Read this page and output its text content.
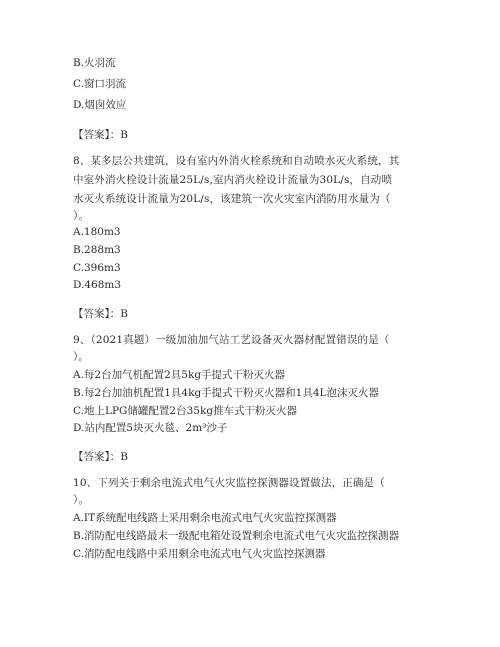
B.火羽流
C.窗口羽流
D.烟囱效应
【答案】：B
8、某多层公共建筑，设有室内外消火栓系统和自动喷水灭火系统，其
中室外消火栓设计流量25L/s,室内消火栓设计流量为30L/s，自动喷
水灭火系统设计流量为20L/s，该建筑一次火灾室内消防用水量为（
）。
A.180m3
B.288m3
C.396m3
D.468m3
【答案】：B
9、（2021真题）一级加油加气站工艺设备灭火器材配置错误的是（
）。
A.每2台加气机配置2具5kg手提式干粉灭火器
B.每2台加油机配置1具4kg手提式干粉灭火器和1具4L泡沫灭火器
C.地上LPG储罐配置2台35kg推车式干粉灭火器
D.站内配置5块灭火毯、2m³沙子
【答案】：B
10、下列关于剩余电流式电气火灾监控探测器设置做法，正确是（
）。
A.IT系统配电线路上采用剩余电流式电气火灾监控探测器
B.消防配电线路最末一级配电箱处设置剩余电流式电气火灾监控探测器
C.消防配电线路中采用剩余电流式电气火灾监控探测器
